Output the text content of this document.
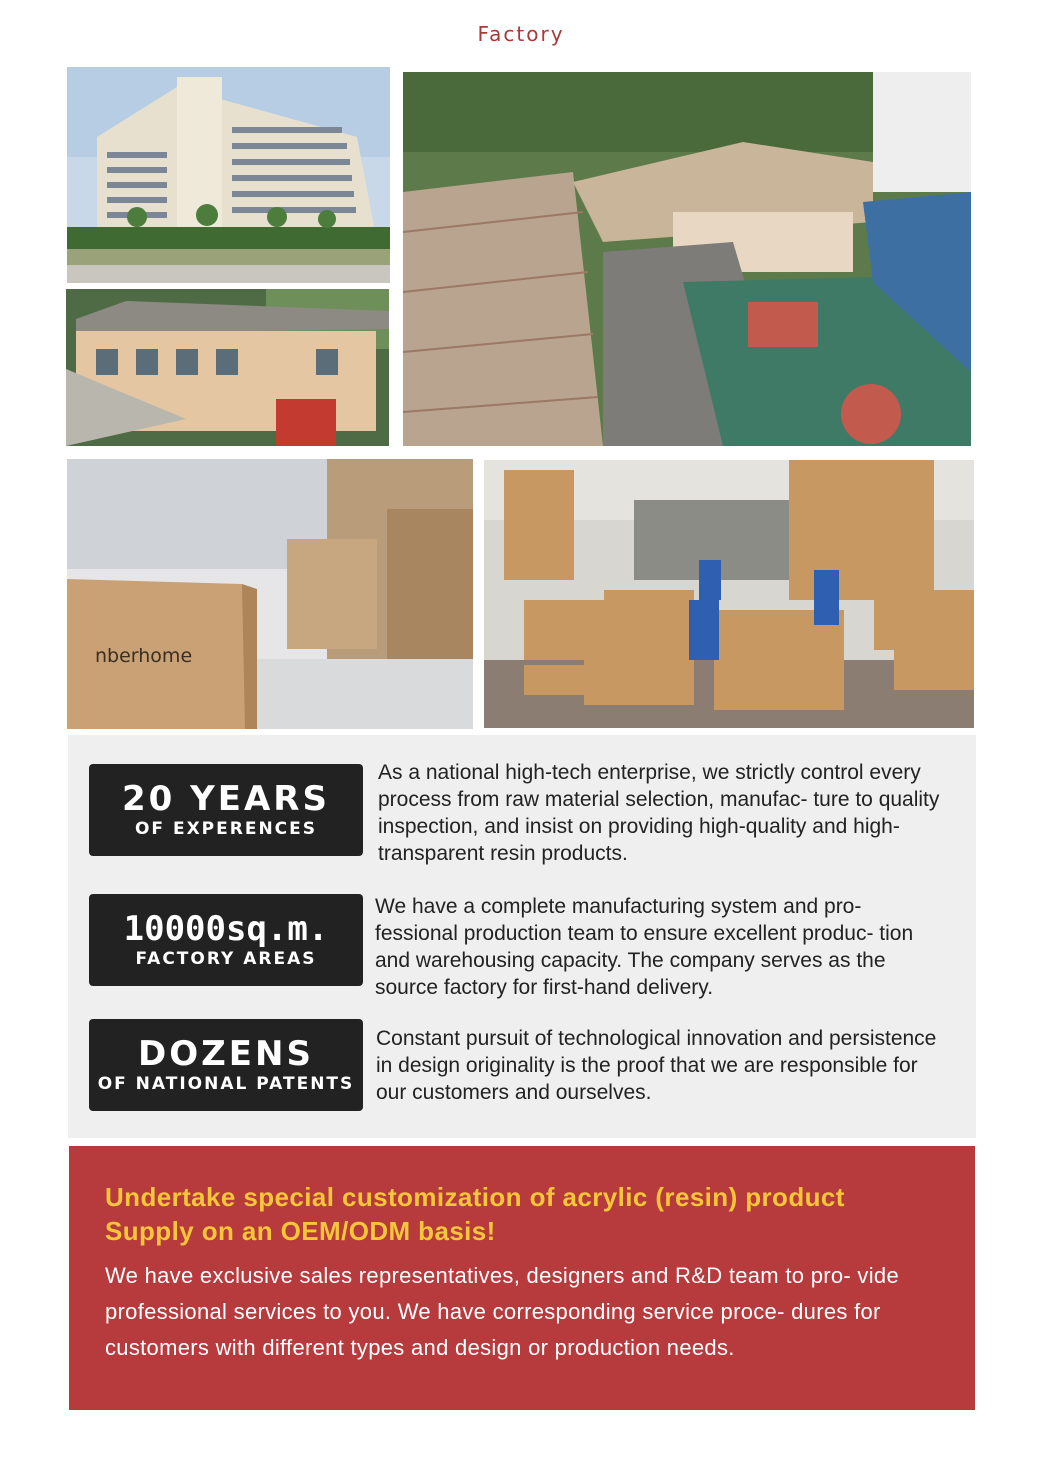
Factory
nberhome
20 YEARS
OF EXPERENCES
As a national high-tech enterprise, we strictly control every process from raw material selection, manufac- ture to quality inspection, and insist on providing high-quality and high- transparent resin products.
10000sq.m.
FACTORY AREAS
We have a complete manufacturing system and pro- fessional production team to ensure excellent produc- tion and warehousing capacity. The company serves as the source factory for first-hand delivery.
DOZENS
OF NATIONAL PATENTS
Constant pursuit of technological innovation and persistence in design originality is the proof that we are responsible for our customers and ourselves.
Undertake special customization of acrylic (resin) product
Supply on an OEM/ODM basis!
We have exclusive sales representatives, designers and R&D team to pro- vide professional services to you. We have corresponding service proce- dures for customers with different types and design or production needs.
